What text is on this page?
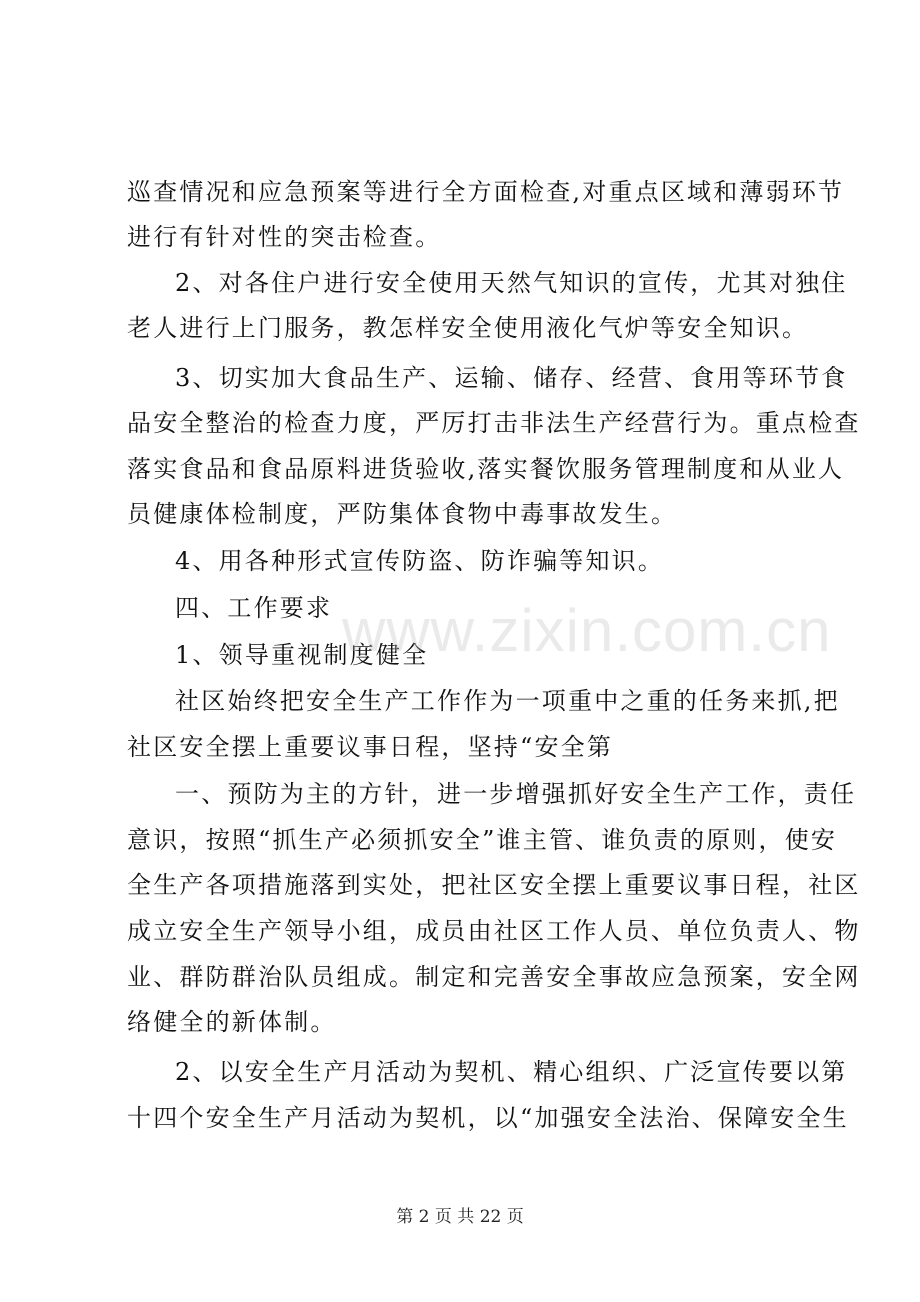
巡查情况和应急预案等进行全方面检查,对重点区域和薄弱环节
进行有针对性的突击检查。
2、对各住户进行安全使用天然气知识的宣传，尤其对独住
老人进行上门服务，教怎样安全使用液化气炉等安全知识。
3、切实加大食品生产、运输、储存、经营、食用等环节食
品安全整治的检查力度，严厉打击非法生产经营行为。重点检查
落实食品和食品原料进货验收,落实餐饮服务管理制度和从业人
员健康体检制度，严防集体食物中毒事故发生。
4、用各种形式宣传防盗、防诈骗等知识。
四、工作要求
1、领导重视制度健全
社区始终把安全生产工作作为一项重中之重的任务来抓,把
社区安全摆上重要议事日程，坚持“安全第
一、预防为主的方针，进一步增强抓好安全生产工作，责任
意识，按照“抓生产必须抓安全”谁主管、谁负责的原则，使安
全生产各项措施落到实处，把社区安全摆上重要议事日程，社区
成立安全生产领导小组，成员由社区工作人员、单位负责人、物
业、群防群治队员组成。制定和完善安全事故应急预案，安全网
络健全的新体制。
2、以安全生产月活动为契机、精心组织、广泛宣传要以第
十四个安全生产月活动为契机，以“加强安全法治、保障安全生
www.zixin.com.cn
第 2 页 共 22 页
